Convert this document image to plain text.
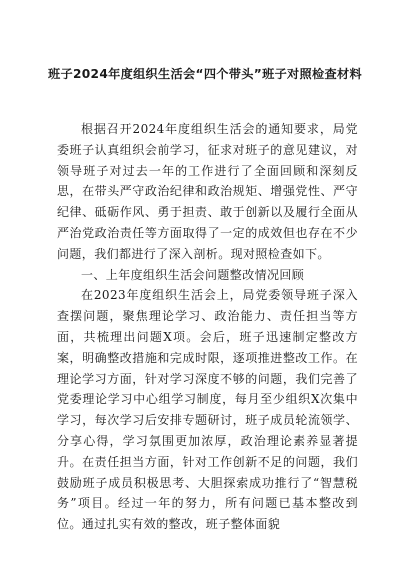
班子2024年度组织生活会“四个带头”班子对照检查材料

根据召开2024年度组织生活会的通知要求，局党委班子认真组织会前学习，征求对班子的意见建议，对领导班子对过去一年的工作进行了全面回顾和深刻反思，在带头严守政治纪律和政治规矩、增强党性、严守纪律、砥砺作风、勇于担责、敢于创新以及履行全面从严治党政治责任等方面取得了一定的成效但也存在不少问题，我们都进行了深入剖析。现对照检查如下。

一、上年度组织生活会问题整改情况回顾

在2023年度组织生活会上，局党委领导班子深入查摆问题，聚焦理论学习、政治能力、责任担当等方面，共梳理出问题X项。会后，班子迅速制定整改方案，明确整改措施和完成时限，逐项推进整改工作。在理论学习方面，针对学习深度不够的问题，我们完善了党委理论学习中心组学习制度，每月至少组织X次集中学习，每次学习后安排专题研讨，班子成员轮流领学、分享心得，学习氛围更加浓厚，政治理论素养显著提升。在责任担当方面，针对工作创新不足的问题，我们鼓励班子成员积极思考、大胆探索成功推行了“智慧税务”项目。经过一年的努力，所有问题已基本整改到位。通过扎实有效的整改，班子整体面貌
